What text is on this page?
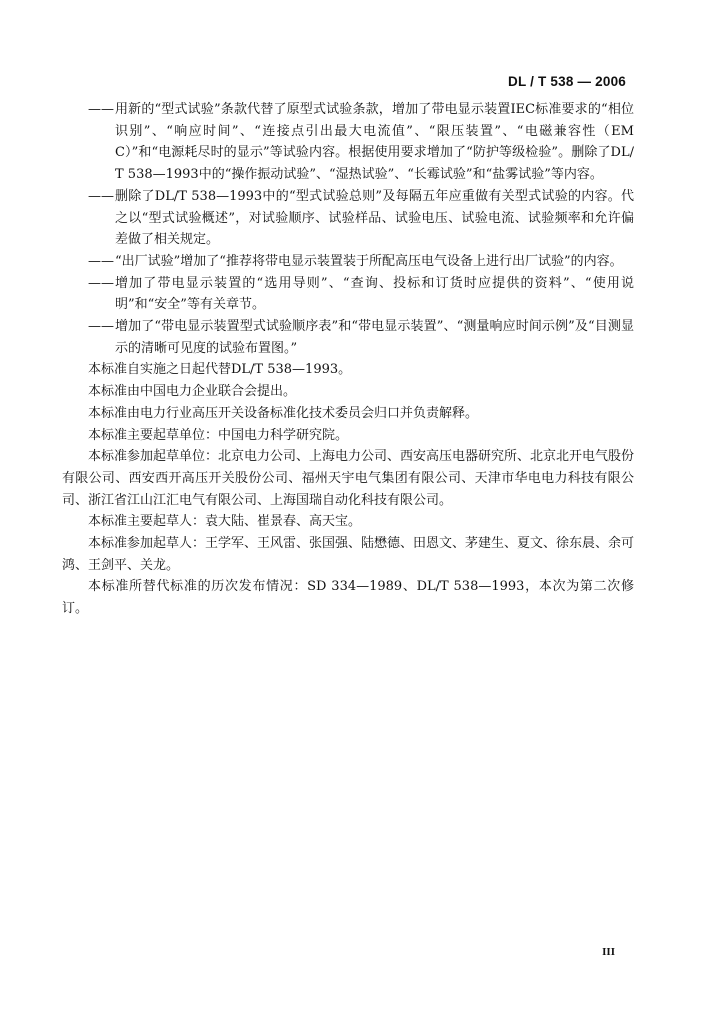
DL / T 538 — 2006

—— 用新的“型式试验”条款代替了原型式试验条款，增加了带电显示装置IEC标准要求的“相位识别”、“响应时间”、“连接点引出最大电流值”、“限压装置”、“电磁兼容性（EMC）”和“电源耗尽时的显示”等试验内容。根据使用要求增加了“防护等级检验”。删除了DL/T 538—1993中的“操作振动试验”、“湿热试验”、“长霉试验”和“盐雾试验”等内容。

—— 删除了DL/T 538—1993中的“型式试验总则”及每隔五年应重做有关型式试验的内容。代之以“型式试验概述”，对试验顺序、试验样品、试验电压、试验电流、试验频率和允许偏差做了相关规定。

—— “出厂试验”增加了“推荐将带电显示装置装于所配高压电气设备上进行出厂试验”的内容。

—— 增加了带电显示装置的“选用导则”、“查询、投标和订货时应提供的资料”、“使用说明”和“安全”等有关章节。

—— 增加了“带电显示装置型式试验顺序表”和“带电显示装置”、“测量响应时间示例”及“目测显示的清晰可见度的试验布置图。”

本标准自实施之日起代替DL/T 538—1993。

本标准由中国电力企业联合会提出。

本标准由电力行业高压开关设备标准化技术委员会归口并负责解释。

本标准主要起草单位：中国电力科学研究院。

本标准参加起草单位：北京电力公司、上海电力公司、西安高压电器研究所、北京北开电气股份有限公司、西安西开高压开关股份公司、福州天宇电气集团有限公司、天津市华电电力科技有限公司、浙江省江山江汇电气有限公司、上海国瑞自动化科技有限公司。

本标准主要起草人：袁大陆、崔景春、高天宝。

本标准参加起草人：王学军、王风雷、张国强、陆懋德、田恩文、茅建生、夏文、徐东晨、余可鸿、王剑平、关龙。

本标准所替代标准的历次发布情况：SD 334—1989、DL/T 538—1993，本次为第二次修订。

III
